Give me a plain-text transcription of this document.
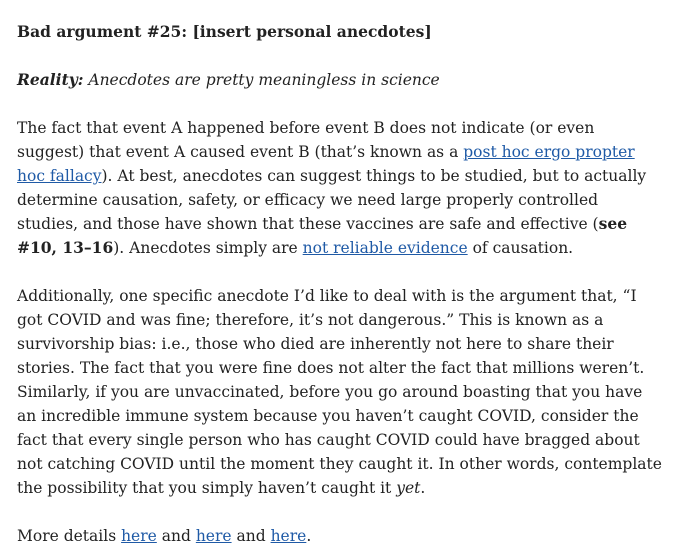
Bad argument #25: [insert personal anecdotes]
Reality: Anecdotes are pretty meaningless in science

The fact that event A happened before event B does not indicate (or even suggest) that event A caused event B (that’s known as a post hoc ergo propter hoc fallacy). At best, anecdotes can suggest things to be studied, but to actually determine causation, safety, or efficacy we need large properly controlled studies, and those have shown that these vaccines are safe and effective (see #10, 13–16). Anecdotes simply are not reliable evidence of causation.

Additionally, one specific anecdote I’d like to deal with is the argument that, “I got COVID and was fine; therefore, it’s not dangerous.” This is known as a survivorship bias: i.e., those who died are inherently not here to share their stories. The fact that you were fine does not alter the fact that millions weren’t. Similarly, if you are unvaccinated, before you go around boasting that you have an incredible immune system because you haven’t caught COVID, consider the fact that every single person who has caught COVID could have bragged about not catching COVID until the moment they caught it. In other words, contemplate the possibility that you simply haven’t caught it yet.

More details here and here and here.
